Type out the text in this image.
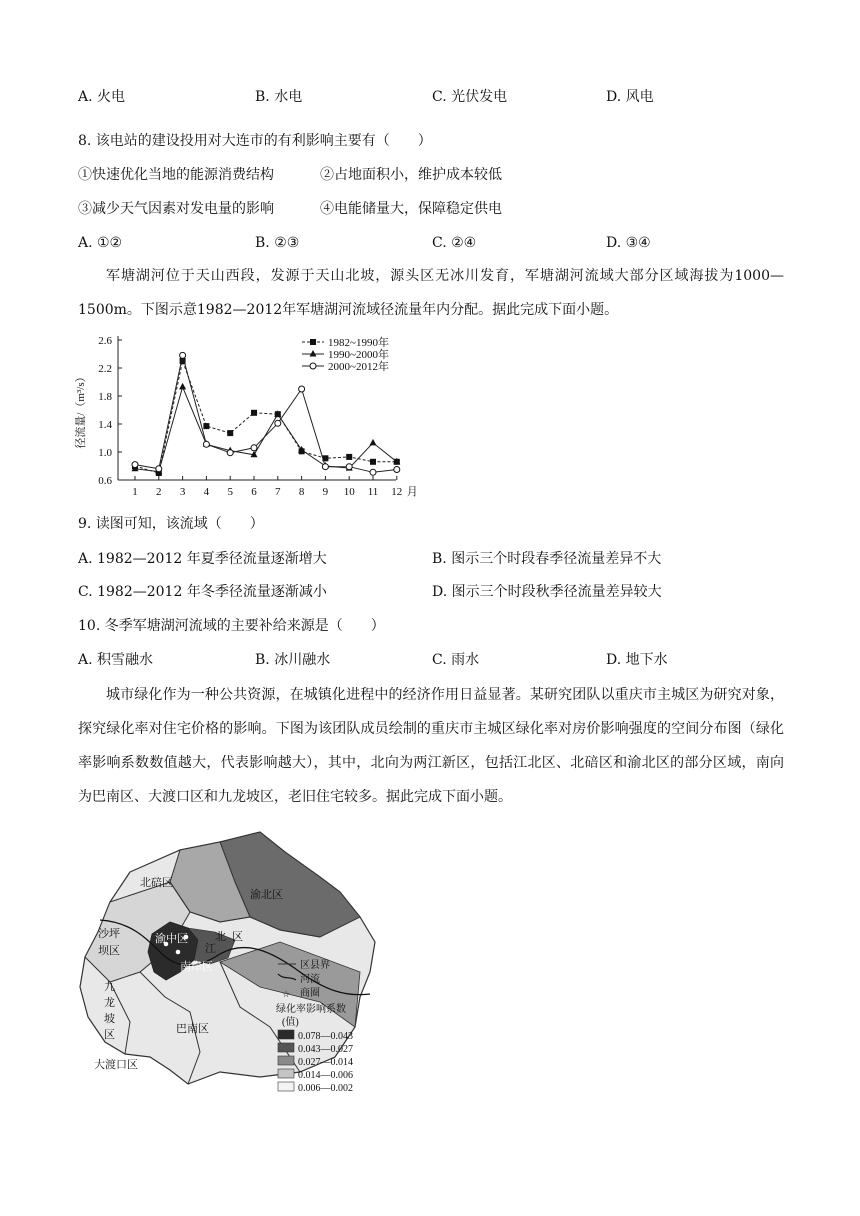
A. 火电	B. 水电	C. 光伏发电	D. 风电
8. 该电站的建设投用对大连市的有利影响主要有（　　）
①快速优化当地的能源消费结构	②占地面积小，维护成本较低
③减少天气因素对发电量的影响	④电能储量大，保障稳定供电
A. ①②	B. ②③	C. ②④	D. ③④
军塘湖河位于天山西段，发源于天山北坡，源头区无冰川发育，军塘湖河流域大部分区域海拔为1000—1500m。下图示意1982—2012年军塘湖河流域径流量年内分配。据此完成下面小题。
0.6
1.0
1.4
1.8
2.2
2.6
1 2 3 4 5 6 7 8 9 10 11 12 月
径流量/（m³/s）
1982~1990年
1990~2000年
2000~2012年
9. 读图可知，该流域（　　）
A. 1982—2012 年夏季径流量逐渐增大	B. 图示三个时段春季径流量差异不大
C. 1982—2012 年冬季径流量逐渐减小	D. 图示三个时段秋季径流量差异较大
10. 冬季军塘湖河流域的主要补给来源是（　　）
A. 积雪融水	B. 冰川融水	C. 雨水	D. 地下水
城市绿化作为一种公共资源，在城镇化进程中的经济作用日益显著。某研究团队以重庆市主城区为研究对象，探究绿化率对住宅价格的影响。下图为该团队成员绘制的重庆市主城区绿化率对房价影响强度的空间分布图（绿化率影响系数数值越大，代表影响越大），其中，北向为两江新区，包括江北区、北碚区和渝北区的部分区域，南向为巴南区、大渡口区和九龙坡区，老旧住宅较多。据此完成下面小题。
北碚区
渝北区
沙坪
坝区
渝中区
江
北 区
南岸区
九
龙
坡
区	巴南区
大渡口区
区县界
河流
☆ 商圈
绿化率影响系数
(值)
0.078—0.043
0.043—0.027
0.027—0.014
0.014—0.006
0.006—0.002
